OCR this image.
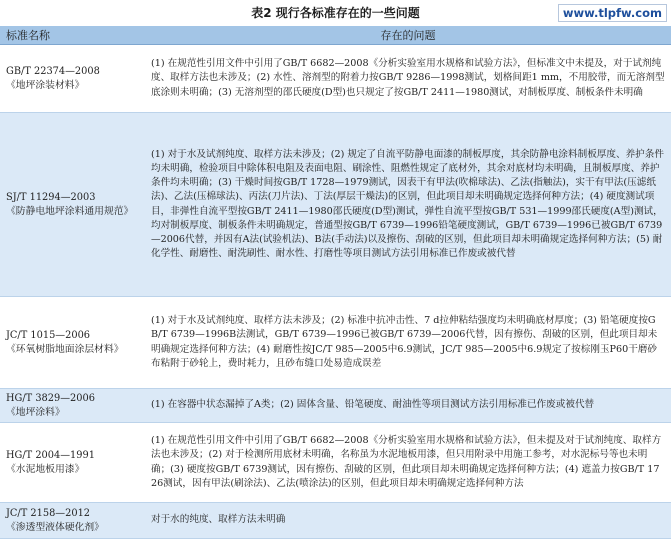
表2 现行各标准存在的一些问题	www.tlpfw.com
标准名称	存在的问题

GB/T 22374—2008
《地坪涂装材料》	(1) 在规范性引用文件中引用了GB/T 6682—2008《分析实验室用水规格和试验方法》，但标准文中未提及，对于试剂纯度、取样方法也未涉及；(2) 水性、溶剂型的附着力按GB/T 9286—1998测试，划格间距1 mm，不用胶带，而无溶剂型底涂则未明确；(3) 无溶剂型的邵氏硬度(D型)也只规定了按GB/T 2411—1980测试，对制板厚度、制板条件未明确

SJ/T 11294—2003
《防静电地坪涂料通用规范》	(1) 对于水及试剂纯度、取样方法未涉及；(2) 规定了自流平防静电面漆的制板厚度，其余防静电涂料制板厚度、养护条件均未明确，检验项目中除体积电阻及表面电阻、刷涂性、阻燃性规定了底材外，其余对底材均未明确，且制板厚度、养护条件均未明确；(3) 干燥时间按GB/T 1728—1979测试，因表干有甲法(吹棉球法)、乙法(指触法)，实干有甲法(压滤纸法)、乙法(压棉球法)、丙法(刀片法)、丁法(厚层干燥法)的区别，但此项目却未明确规定选择何种方法；(4) 硬度测试项目，非弹性自流平型按GB/T 2411—1980邵氏硬度(D型)测试，弹性自流平型按GB/T 531—1999邵氏硬度(A型)测试，均对制板厚度、制板条件未明确规定，普通型按GB/T 6739—1996铅笔硬度测试，GB/T 6739—1996已被GB/T 6739—2006代替，并因有A法(试验机法)、B法(手动法)以及擦伤、刮破的区别，但此项目却未明确规定选择何种方法；(5) 耐化学性、耐磨性、耐洗刷性、耐水性、打磨性等项目测试方法引用标准已作废或被代替

JC/T 1015—2006
《环氧树脂地面涂层材料》	(1) 对于水及试剂纯度、取样方法未涉及；(2) 标准中抗冲击性、7 d拉伸粘结强度均未明确底材厚度；(3) 铅笔硬度按GB/T 6739—1996B法测试，GB/T 6739—1996已被GB/T 6739—2006代替，因有擦伤、刮破的区别，但此项目却未明确规定选择何种方法；(4) 耐磨性按JC/T 985—2005中6.9测试，JC/T 985—2005中6.9规定了按棕刚玉P60干磨砂布粘附于砂轮上，费时耗力，且砂布缝口处易造成误差

HG/T 3829—2006
《地坪涂料》	(1) 在容器中状态漏掉了A类；(2) 固体含量、铅笔硬度、耐油性等项目测试方法引用标准已作废或被代替

HG/T 2004—1991
《水泥地板用漆》	(1) 在规范性引用文件中引用了GB/T 6682—2008《分析实验室用水规格和试验方法》，但未提及对于试剂纯度、取样方法也未涉及；(2) 对于检测所用底材未明确，名称虽为水泥地板用漆，但只用附录中用施工参考，对水泥标号等也未明确；(3) 硬度按GB/T 6739测试，因有擦伤、刮破的区别，但此项目却未明确规定选择何种方法；(4) 遮盖力按GB/T 1726测试，因有甲法(刷涂法)、乙法(喷涂法)的区别，但此项目却未明确规定选择何种方法

JC/T 2158—2012
《渗透型液体硬化剂》	对于水的纯度、取样方法未明确
